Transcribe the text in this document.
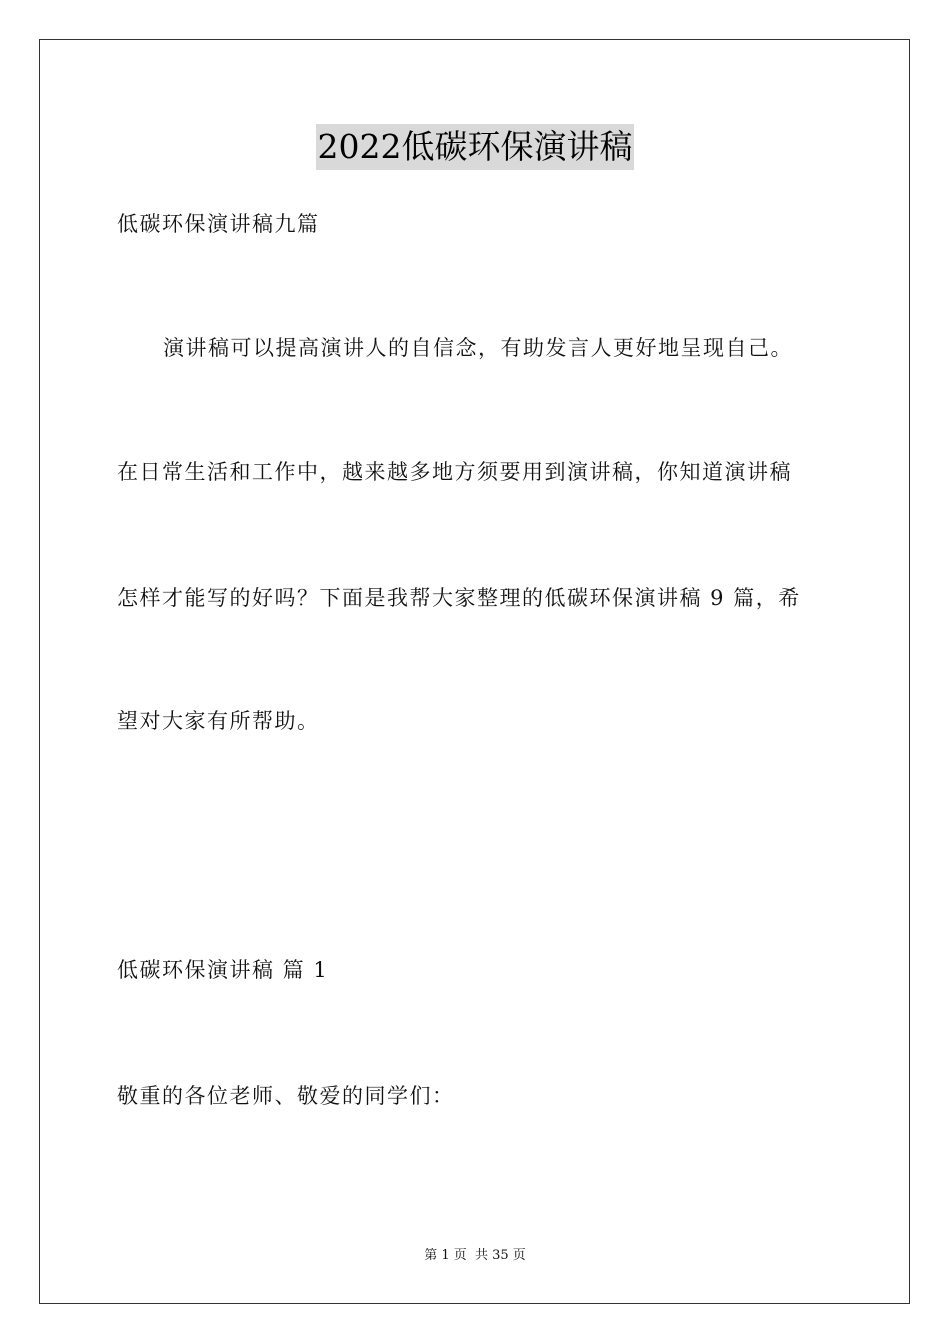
2022低碳环保演讲稿
低碳环保演讲稿九篇
演讲稿可以提高演讲人的自信念，有助发言人更好地呈现自己。
在日常生活和工作中，越来越多地方须要用到演讲稿，你知道演讲稿
怎样才能写的好吗？下面是我帮大家整理的低碳环保演讲稿 9 篇，希
望对大家有所帮助。
低碳环保演讲稿 篇 1
敬重的各位老师、敬爱的同学们：
第 1 页 共 35 页
